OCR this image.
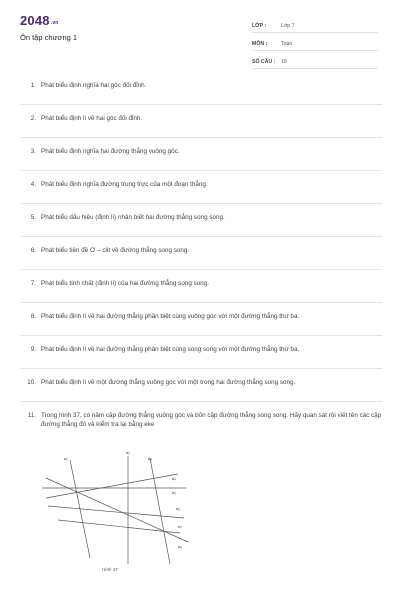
2048.vn
Ôn tập chương 1
LỚP :	Lớp 7
MÔN :	Toán
SỐ CÂU :	19
1. Phát biểu định nghĩa hai góc đối đỉnh.
2. Phát biểu định lí về hai góc đối đỉnh.
3. Phát biểu định nghĩa hai đường thẳng vuông góc.
4. Phát biểu định nghĩa đường trung trực của một đoạn thẳng.
5. Phát biểu dấu hiệu (định lí) nhận biết hai đường thẳng song song.
6. Phát biểu tiên đề Ơ – clit về đường thẳng song song.
7. Phát biểu tính chất (định lí) của hai đường thẳng song song.
8. Phát biểu định lí về hai đường thẳng phân biệt cùng vuông góc với một đường thẳng thứ ba.
9. Phát biểu định lí về hai đường thẳng phân biệt cùng song song với một đường thẳng thứ ba.
10. Phát biểu định lí về một đường thẳng vuông góc với một trong hai đường thẳng song song.
11. Trong hình 37, có năm cặp đường thẳng vuông góc và bốn cặp đường thẳng song song. Hãy quan sát rồi viết tên các cặp đường thẳng đó và kiểm tra lại bằng eke
d₁
d₂
d₃
d₄
d₅
d₆
d₇
d₈
Hình 37
